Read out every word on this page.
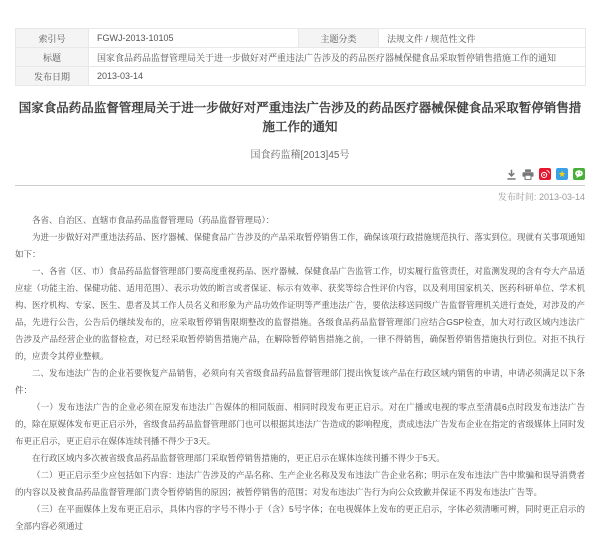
索引号	FGWJ-2013-10105	主题分类	法规文件 / 规范性文件
标题	国家食品药品监督管理局关于进一步做好对严重违法广告涉及的药品医疗器械保健食品采取暂停销售措施工作的通知		
发布日期	2013-03-14		
国家食品药品监督管理局关于进一步做好对严重违法广告涉及的药品医疗器械保健食品采取暂停销售措施工作的通知
国食药监稽[2013]45号
★
发布时间: 2013-03-14

各省、自治区、直辖市食品药品监督管理局（药品监督管理局）：

为进一步做好对严重违法药品、医疗器械、保健食品广告涉及的产品采取暂停销售工作，确保该项行政措施规范执行、落实到位。现就有关事项通知如下：

一、各省（区、市）食品药品监督管理部门要高度重视药品、医疗器械、保健食品广告监管工作，切实履行监管责任，对监测发现的含有夸大产品适应症（功能主治、保健功能、适用范围）、表示功效的断言或者保证、标示有效率、获奖等综合性评价内容，以及利用国家机关、医药科研单位、学术机构、医疗机构、专家、医生、患者及其工作人员名义和形象为产品功效作证明等严重违法广告，要依法移送同级广告监督管理机关进行查处，对涉及的产品，先进行公告，公告后仍继续发布的，应采取暂停销售限期整改的监督措施。各级食品药品监督管理部门应结合GSP检查，加大对行政区域内违法广告涉及产品经营企业的监督检查，对已经采取暂停销售措施产品，在解除暂停销售措施之前，一律不得销售，确保暂停销售措施执行到位。对拒不执行的，应责令其停业整顿。

二、发布违法广告的企业若要恢复产品销售，必须向有关省级食品药品监督管理部门提出恢复该产品在行政区域内销售的申请，申请必须满足以下条件：

（一）发布违法广告的企业必须在原发布违法广告媒体的相同版面、相同时段发布更正启示。对在广播或电视的零点至清晨6点时段发布违法广告的，除在原媒体发布更正启示外，省级食品药品监督管理部门也可以根据其违法广告造成的影响程度，责成违法广告发布企业在指定的省级媒体上同时发布更正启示，更正启示在媒体连续刊播不得少于3天。

在行政区域内多次被省级食品药品监督管理部门采取暂停销售措施的，更正启示在媒体连续刊播不得少于5天。

（二）更正启示至少应包括如下内容：违法广告涉及的产品名称、生产企业名称及发布违法广告企业名称；明示在发布违法广告中欺骗和误导消费者的内容以及被食品药品监督管理部门责令暂停销售的原因；被暂停销售的范围；对发布违法广告行为向公众致歉并保证不再发布违法广告等。

（三）在平面媒体上发布更正启示，具体内容的字号不得小于（含）5号字体；在电视媒体上发布的更正启示，字体必须清晰可辨，同时更正启示的全部内容必须通过
